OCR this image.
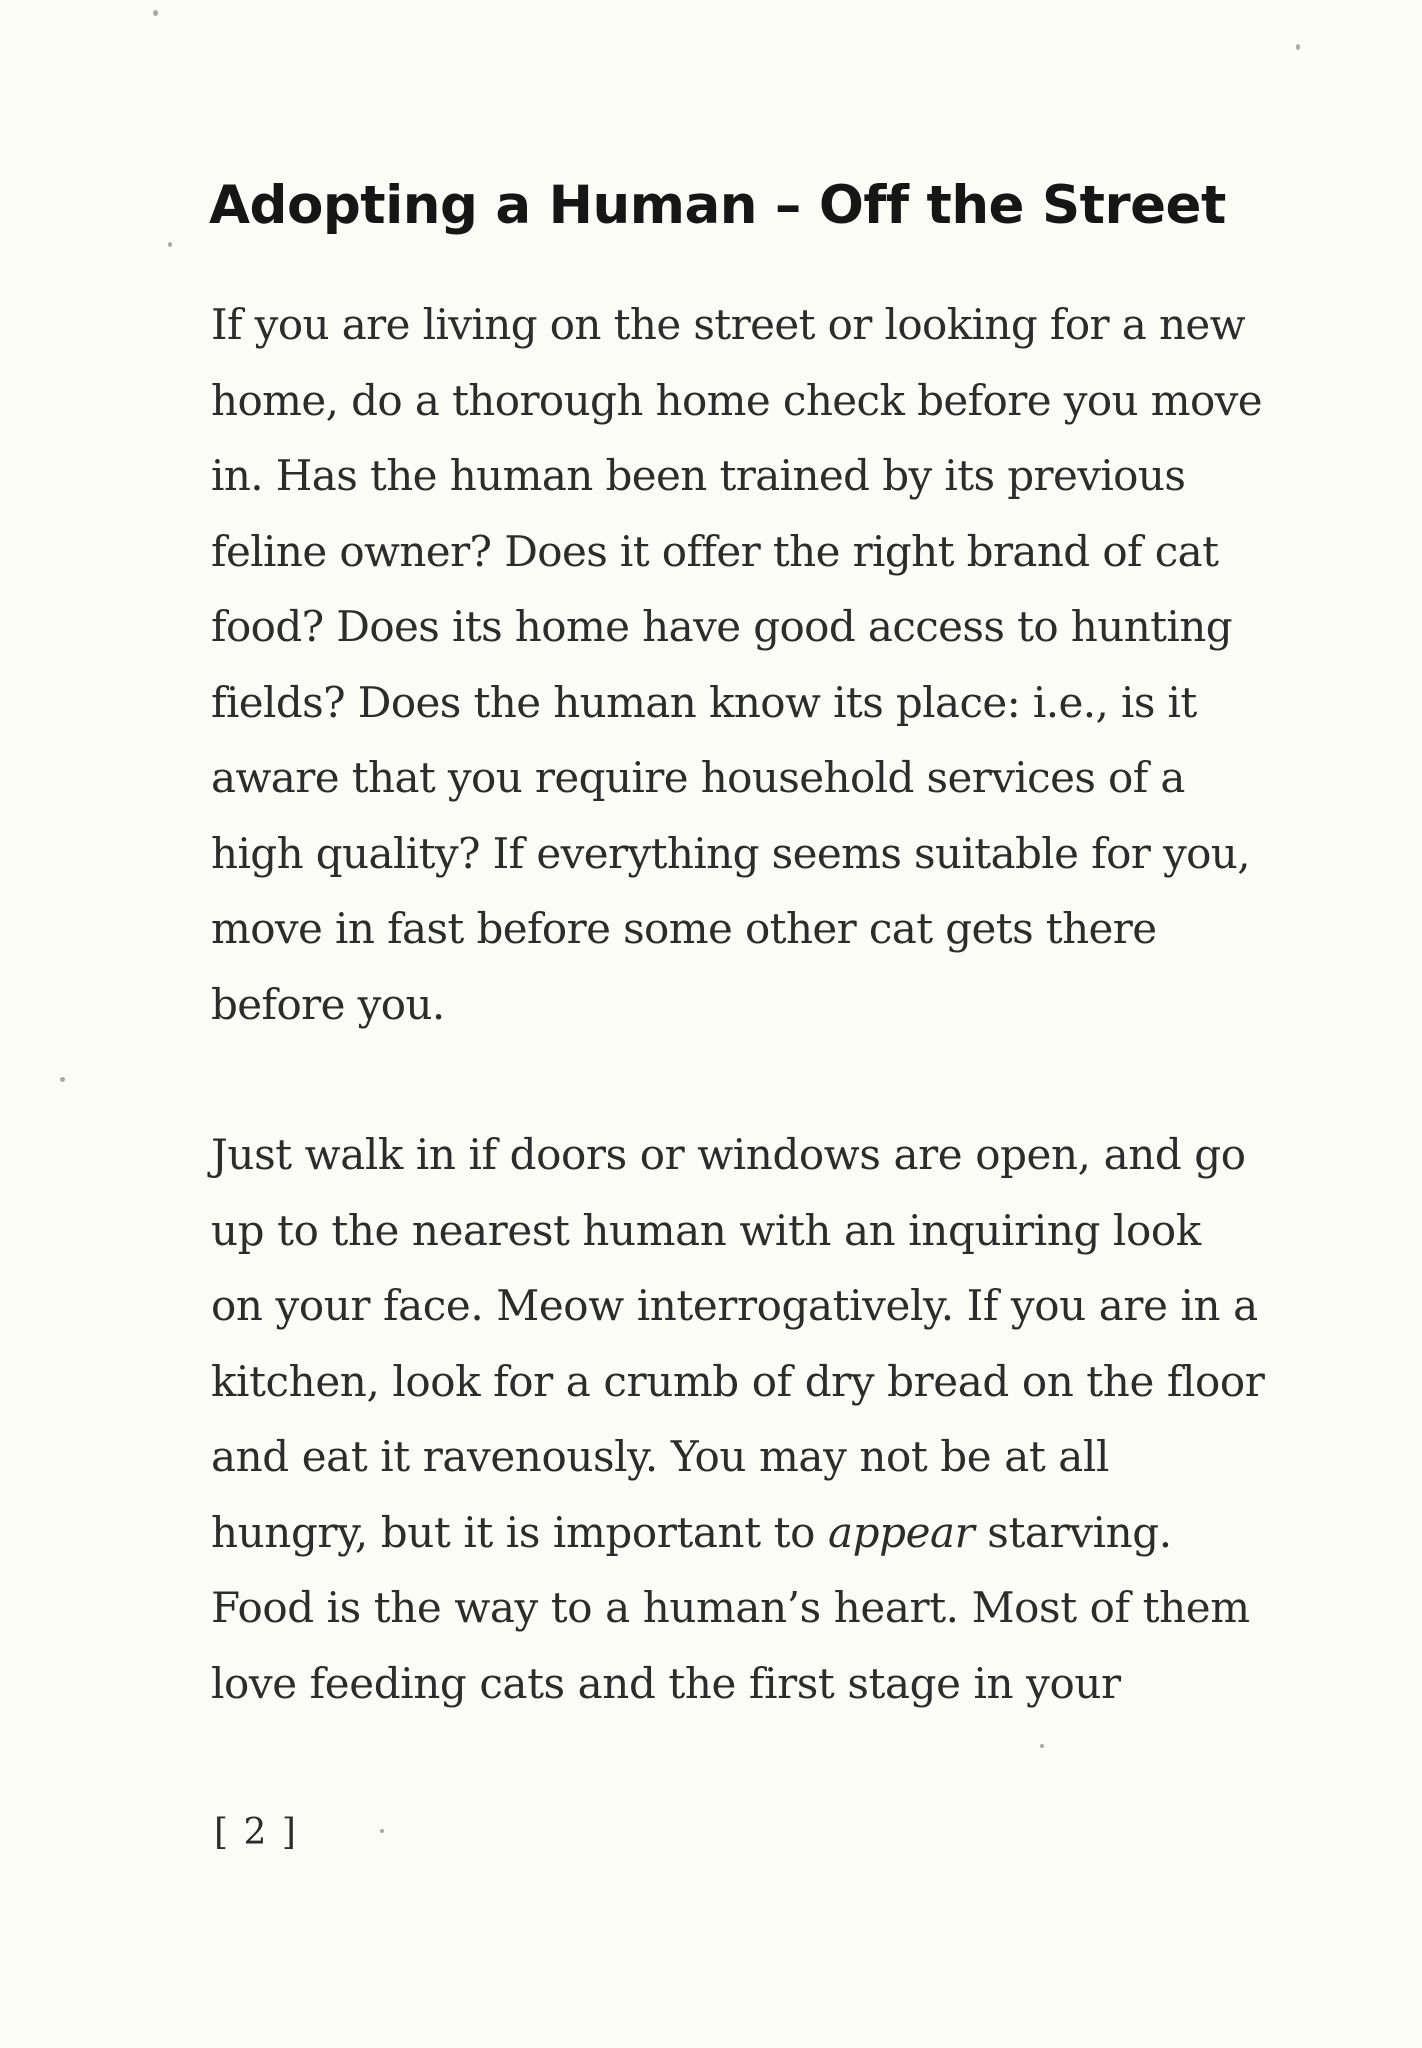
Adopting a Human – Off the Street

If you are living on the street or looking for a new
home, do a thorough home check before you move
in. Has the human been trained by its previous
feline owner? Does it offer the right brand of cat
food? Does its home have good access to hunting
fields? Does the human know its place: i.e., is it
aware that you require household services of a
high quality? If everything seems suitable for you,
move in fast before some other cat gets there
before you.

Just walk in if doors or windows are open, and go
up to the nearest human with an inquiring look
on your face. Meow interrogatively. If you are in a
kitchen, look for a crumb of dry bread on the floor
and eat it ravenously. You may not be at all
hungry, but it is important to appear starving.
Food is the way to a human’s heart. Most of them
love feeding cats and the first stage in your

[ 2 ]
